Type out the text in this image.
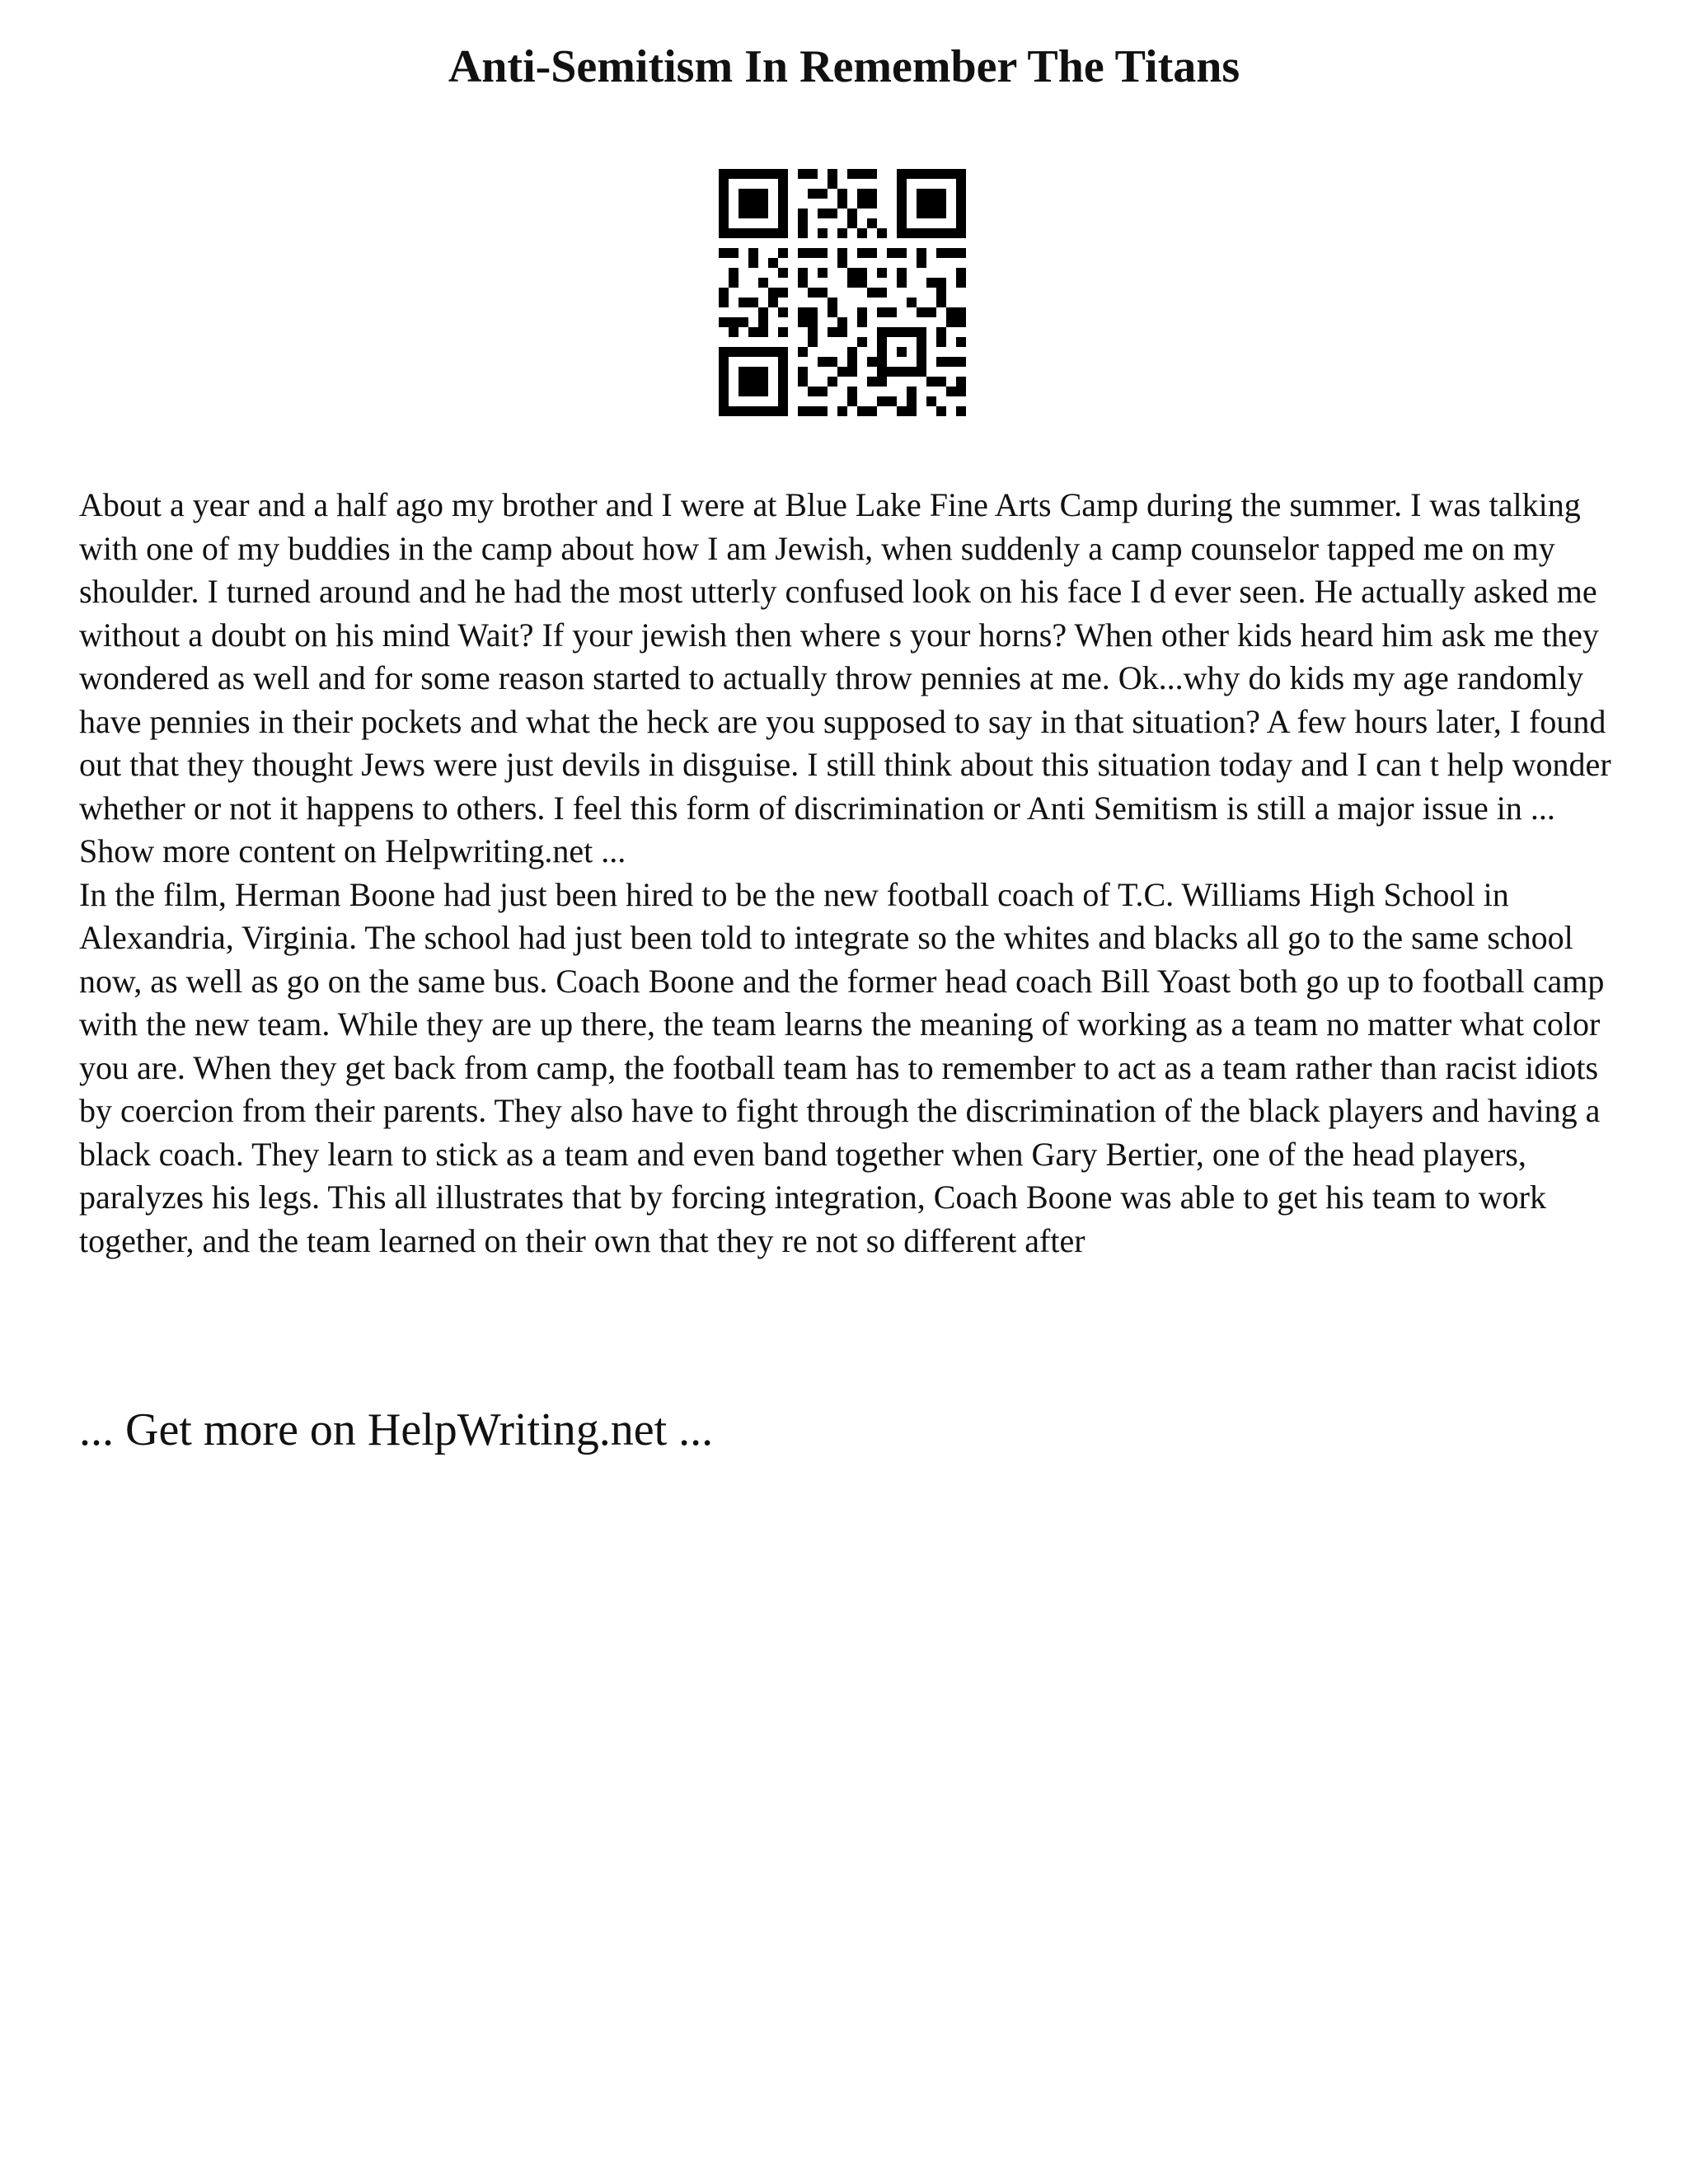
Anti-Semitism In Remember The Titans

About a year and a half ago my brother and I were at Blue Lake Fine Arts Camp during the summer. I was talking with one of my buddies in the camp about how I am Jewish, when suddenly a camp counselor tapped me on my shoulder. I turned around and he had the most utterly confused look on his face I d ever seen. He actually asked me without a doubt on his mind Wait? If your jewish then where s your horns? When other kids heard him ask me they wondered as well and for some reason started to actually throw pennies at me. Ok...why do kids my age randomly have pennies in their pockets and what the heck are you supposed to say in that situation? A few hours later, I found out that they thought Jews were just devils in disguise. I still think about this situation today and I can t help wonder whether or not it happens to others. I feel this form of discrimination or Anti Semitism is still a major issue in ... Show more content on Helpwriting.net ...

In the film, Herman Boone had just been hired to be the new football coach of T.C. Williams High School in Alexandria, Virginia. The school had just been told to integrate so the whites and blacks all go to the same school now, as well as go on the same bus. Coach Boone and the former head coach Bill Yoast both go up to football camp with the new team. While they are up there, the team learns the meaning of working as a team no matter what color you are. When they get back from camp, the football team has to remember to act as a team rather than racist idiots by coercion from their parents. They also have to fight through the discrimination of the black players and having a black coach. They learn to stick as a team and even band together when Gary Bertier, one of the head players, paralyzes his legs. This all illustrates that by forcing integration, Coach Boone was able to get his team to work together, and the team learned on their own that they re not so different after

... Get more on HelpWriting.net ...
